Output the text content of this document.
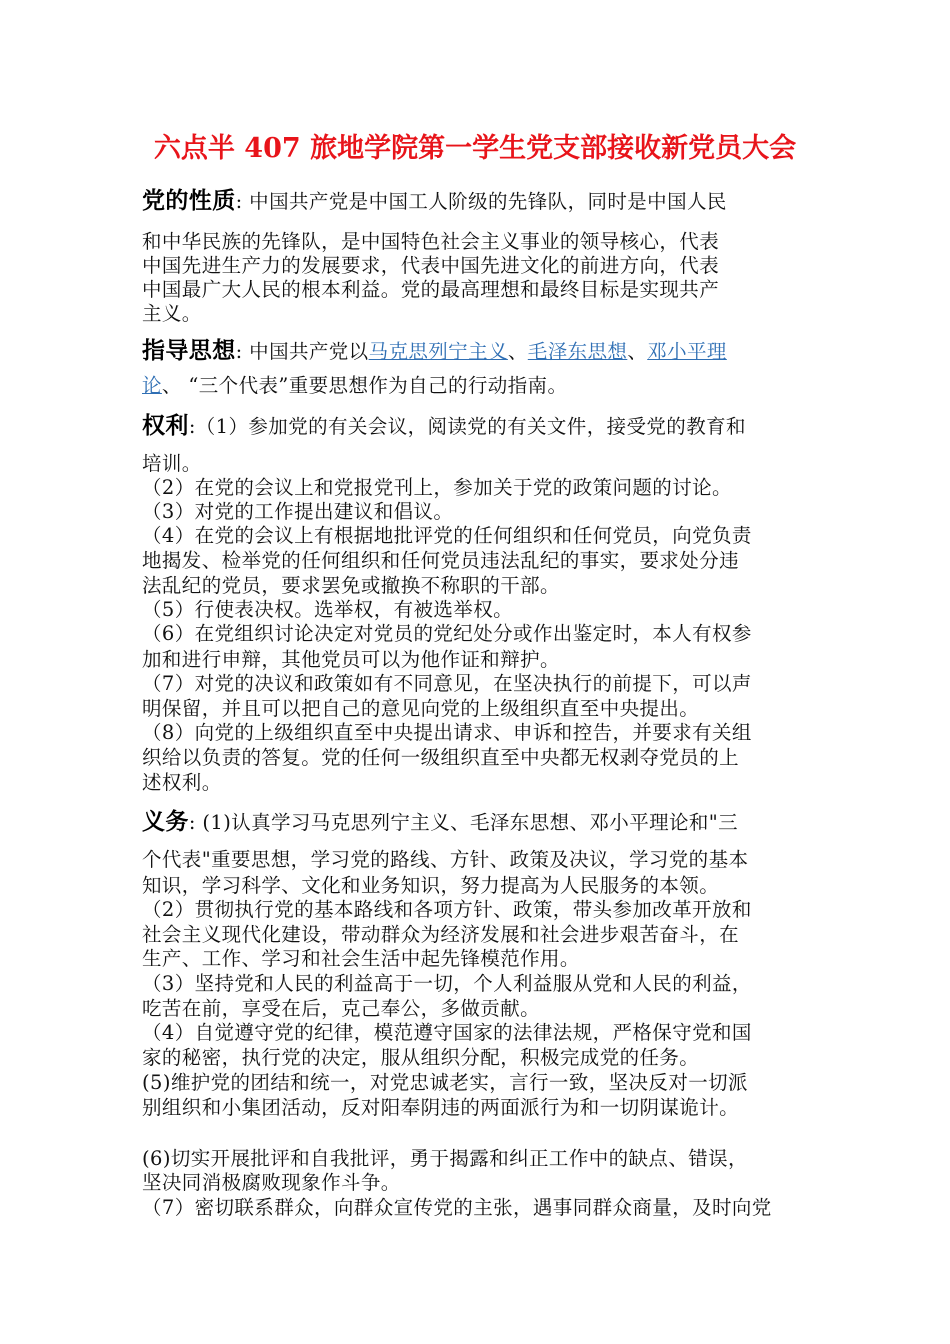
六点半 407 旅地学院第一学生党支部接收新党员大会
党的性质: 中国共产党是中国工人阶级的先锋队，同时是中国人民
和中华民族的先锋队，是中国特色社会主义事业的领导核心，代表
中国先进生产力的发展要求，代表中国先进文化的前进方向，代表
中国最广大人民的根本利益。党的最高理想和最终目标是实现共产
主义。
指导思想: 中国共产党以马克思列宁主义、毛泽东思想、邓小平理
论、 “三个代表”重要思想作为自己的行动指南。
权利:（1）参加党的有关会议，阅读党的有关文件，接受党的教育和
培训。
（2）在党的会议上和党报党刊上，参加关于党的政策问题的讨论。
（3）对党的工作提出建议和倡议。
（4）在党的会议上有根据地批评党的任何组织和任何党员，向党负责
地揭发、检举党的任何组织和任何党员违法乱纪的事实，要求处分违
法乱纪的党员，要求罢免或撤换不称职的干部。
（5）行使表决权。选举权，有被选举权。
（6）在党组织讨论决定对党员的党纪处分或作出鉴定时，本人有权参
加和进行申辩，其他党员可以为他作证和辩护。
（7）对党的决议和政策如有不同意见，在坚决执行的前提下，可以声
明保留，并且可以把自己的意见向党的上级组织直至中央提出。
（8）向党的上级组织直至中央提出请求、申诉和控告，并要求有关组
织给以负责的答复。党的任何一级组织直至中央都无权剥夺党员的上
述权利。
义务: (1)认真学习马克思列宁主义、毛泽东思想、邓小平理论和"三
个代表"重要思想，学习党的路线、方针、政策及决议，学习党的基本
知识，学习科学、文化和业务知识，努力提高为人民服务的本领。
（2）贯彻执行党的基本路线和各项方针、政策，带头参加改革开放和
社会主义现代化建设，带动群众为经济发展和社会进步艰苦奋斗，在
生产、工作、学习和社会生活中起先锋模范作用。
（3）坚持党和人民的利益高于一切，个人利益服从党和人民的利益，
吃苦在前，享受在后，克己奉公，多做贡献。
（4）自觉遵守党的纪律，模范遵守国家的法律法规，严格保守党和国
家的秘密，执行党的决定，服从组织分配，积极完成党的任务。
(5)维护党的团结和统一，对党忠诚老实，言行一致，坚决反对一切派
别组织和小集团活动，反对阳奉阴违的两面派行为和一切阴谋诡计。
(6)切实开展批评和自我批评，勇于揭露和纠正工作中的缺点、错误，
坚决同消极腐败现象作斗争。
（7）密切联系群众，向群众宣传党的主张，遇事同群众商量，及时向党
